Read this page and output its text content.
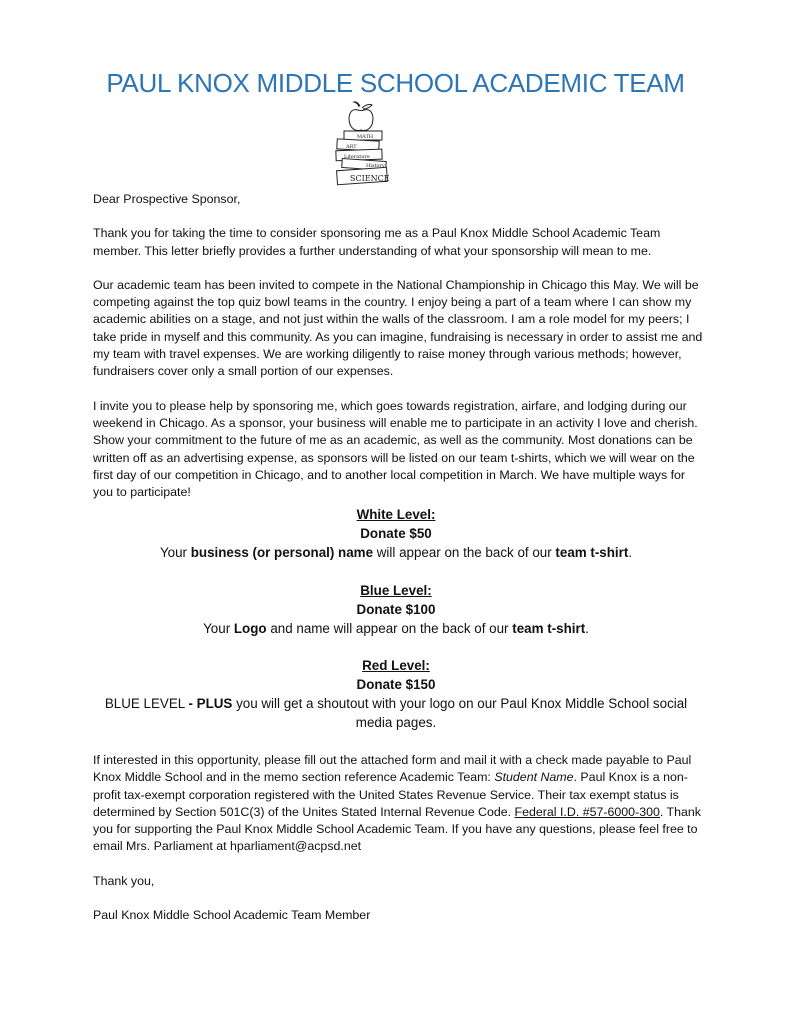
PAUL KNOX MIDDLE SCHOOL ACADEMIC TEAM
MATH
ART
Literature
History
SCIENCE

Dear Prospective Sponsor,

Thank you for taking the time to consider sponsoring me as a Paul Knox Middle School Academic Team member. This letter briefly provides a further understanding of what your sponsorship will mean to me.

Our academic team has been invited to compete in the National Championship in Chicago this May. We will be competing against the top quiz bowl teams in the country. I enjoy being a part of a team where I can show my academic abilities on a stage, and not just within the walls of the classroom. I am a role model for my peers; I take pride in myself and this community. As you can imagine, fundraising is necessary in order to assist me and my team with travel expenses. We are working diligently to raise money through various methods; however, fundraisers cover only a small portion of our expenses.

I invite you to please help by sponsoring me, which goes towards registration, airfare, and lodging during our weekend in Chicago. As a sponsor, your business will enable me to participate in an activity I love and cherish. Show your commitment to the future of me as an academic, as well as the community. Most donations can be written off as an advertising expense, as sponsors will be listed on our team t-shirts, which we will wear on the first day of our competition in Chicago, and to another local competition in March. We have multiple ways for you to participate!

White Level:
Donate $50
Your business (or personal) name will appear on the back of our team t-shirt.
Blue Level:
Donate $100
Your Logo and name will appear on the back of our team t-shirt.
Red Level:
Donate $150
BLUE LEVEL - PLUS you will get a shoutout with your logo on our Paul Knox Middle School social media pages.

If interested in this opportunity, please fill out the attached form and mail it with a check made payable to Paul Knox Middle School and in the memo section reference Academic Team: Student Name. Paul Knox is a non-profit tax-exempt corporation registered with the United States Revenue Service. Their tax exempt status is determined by Section 501C(3) of the Unites Stated Internal Revenue Code. Federal I.D. #57-6000-300. Thank you for supporting the Paul Knox Middle School Academic Team. If you have any questions, please feel free to email Mrs. Parliament at hparliament@acpsd.net

Thank you,

Paul Knox Middle School Academic Team Member
